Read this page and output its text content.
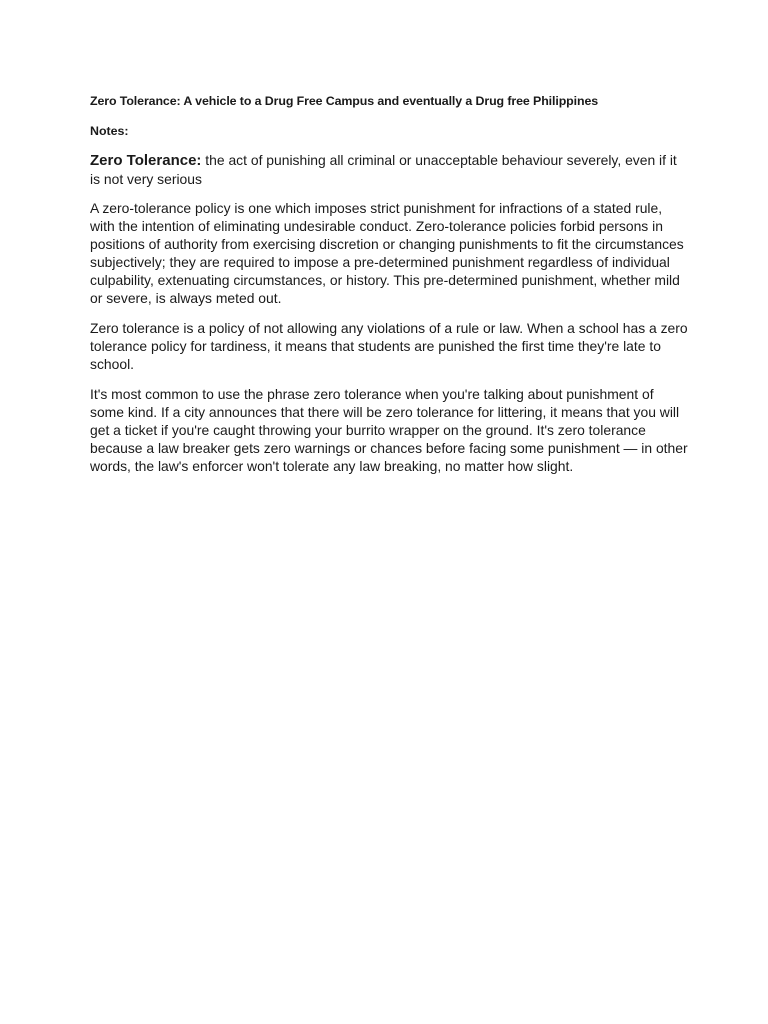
Zero Tolerance: A vehicle to a Drug Free Campus and eventually a Drug free Philippines
Notes:

Zero Tolerance: the act of punishing all criminal or unacceptable behaviour severely, even if it is not very serious

A zero-tolerance policy is one which imposes strict punishment for infractions of a stated rule, with the intention of eliminating undesirable conduct. Zero-tolerance policies forbid persons in positions of authority from exercising discretion or changing punishments to fit the circumstances subjectively; they are required to impose a pre-determined punishment regardless of individual culpability, extenuating circumstances, or history. This pre-determined punishment, whether mild or severe, is always meted out.

Zero tolerance is a policy of not allowing any violations of a rule or law. When a school has a zero tolerance policy for tardiness, it means that students are punished the first time they're late to school.

It's most common to use the phrase zero tolerance when you're talking about punishment of some kind. If a city announces that there will be zero tolerance for littering, it means that you will get a ticket if you're caught throwing your burrito wrapper on the ground. It's zero tolerance because a law breaker gets zero warnings or chances before facing some punishment — in other words, the law's enforcer won't tolerate any law breaking, no matter how slight.
